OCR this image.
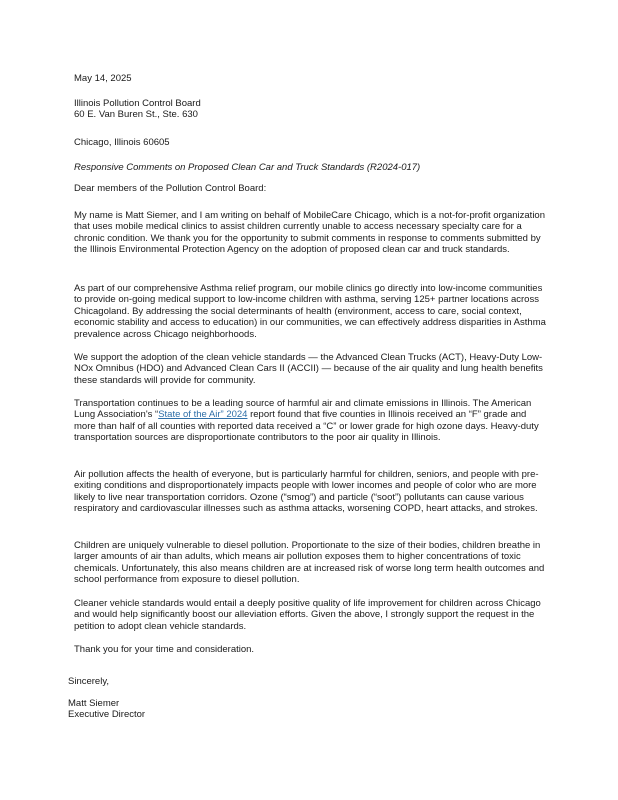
May 14, 2025

Illinois Pollution Control Board
60 E. Van Buren St., Ste. 630

Chicago, Illinois 60605

Responsive Comments on Proposed Clean Car and Truck Standards (R2024-017)

Dear members of the Pollution Control Board:

My name is Matt Siemer, and I am writing on behalf of MobileCare Chicago, which is a not-for-profit organization that uses mobile medical clinics to assist children currently unable to access necessary specialty care for a chronic condition. We thank you for the opportunity to submit comments in response to comments submitted by the Illinois Environmental Protection Agency on the adoption of proposed clean car and truck standards.

As part of our comprehensive Asthma relief program, our mobile clinics go directly into low-income communities to provide on-going medical support to low-income children with asthma, serving 125+ partner locations across Chicagoland. By addressing the social determinants of health (environment, access to care, social context, economic stability and access to education) in our communities, we can effectively address disparities in Asthma prevalence across Chicago neighborhoods.

We support the adoption of the clean vehicle standards — the Advanced Clean Trucks (ACT), Heavy-Duty Low-NOx Omnibus (HDO) and Advanced Clean Cars II (ACCII) — because of the air quality and lung health benefits these standards will provide for community.

Transportation continues to be a leading source of harmful air and climate emissions in Illinois. The American Lung Association's “State of the Air” 2024 report found that five counties in Illinois received an “F” grade and more than half of all counties with reported data received a “C” or lower grade for high ozone days. Heavy-duty transportation sources are disproportionate contributors to the poor air quality in Illinois.

Air pollution affects the health of everyone, but is particularly harmful for children, seniors, and people with pre-exiting conditions and disproportionately impacts people with lower incomes and people of color who are more likely to live near transportation corridors. Ozone (“smog”) and particle (“soot”) pollutants can cause various respiratory and cardiovascular illnesses such as asthma attacks, worsening COPD, heart attacks, and strokes.

Children are uniquely vulnerable to diesel pollution. Proportionate to the size of their bodies, children breathe in larger amounts of air than adults, which means air pollution exposes them to higher concentrations of toxic chemicals. Unfortunately, this also means children are at increased risk of worse long term health outcomes and school performance from exposure to diesel pollution.

Cleaner vehicle standards would entail a deeply positive quality of life improvement for children across Chicago and would help significantly boost our alleviation efforts. Given the above, I strongly support the request in the petition to adopt clean vehicle standards.

Thank you for your time and consideration.

Sincerely,

Matt Siemer
Executive Director
